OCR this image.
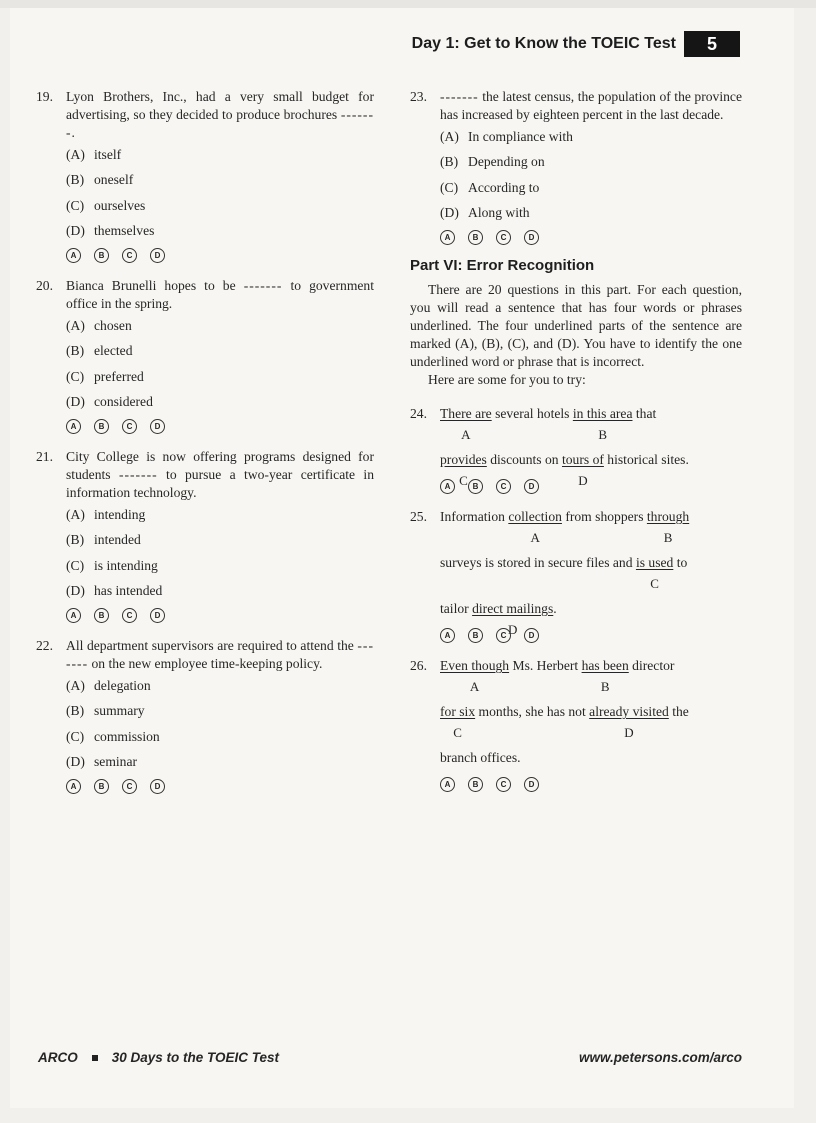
Day 1: Get to Know the TOEIC Test	5
19. Lyon Brothers, Inc., had a very small budget for advertising, so they decided to produce brochures -------.
(A) itself
(B) oneself
(C) ourselves
(D) themselves
A	B	C	D
20. Bianca Brunelli hopes to be ------- to government office in the spring.
(A) chosen
(B) elected
(C) preferred
(D) considered
A	B	C	D
21. City College is now offering programs designed for students ------- to pursue a two-year certificate in information technology.
(A) intending
(B) intended
(C) is intending
(D) has intended
A	B	C	D
22. All department supervisors are required to attend the ------- on the new employee time-keeping policy.
(A) delegation
(B) summary
(C) commission
(D) seminar
A	B	C	D
23. ------- the latest census, the population of the province has increased by eighteen percent in the last decade.
(A) In compliance with
(B) Depending on
(C) According to
(D) Along with
A	B	C	D
Part VI: Error Recognition

There are 20 questions in this part. For each question, you will read a sentence that has four words or phrases underlined. The four underlined parts of the sentence are marked (A), (B), (C), and (D). You have to identify the one underlined word or phrase that is incorrect.

Here are some for you to try:

24. There are
A
several hotels in this area
B
that
provides
C
discounts on tours of
D
historical sites.
A	B	C	D
25. Information collection
A
from shoppers through
B
surveys is stored in secure files and is used
C
to
tailor direct mailings
D
.
A	B	C	D
26. Even though
A
Ms. Herbert has been
B
director
for six
C
months, she has not already visited
D
the
branch offices.
A	B	C	D
ARCO	30 Days to the TOEIC Test	www.petersons.com/arco
